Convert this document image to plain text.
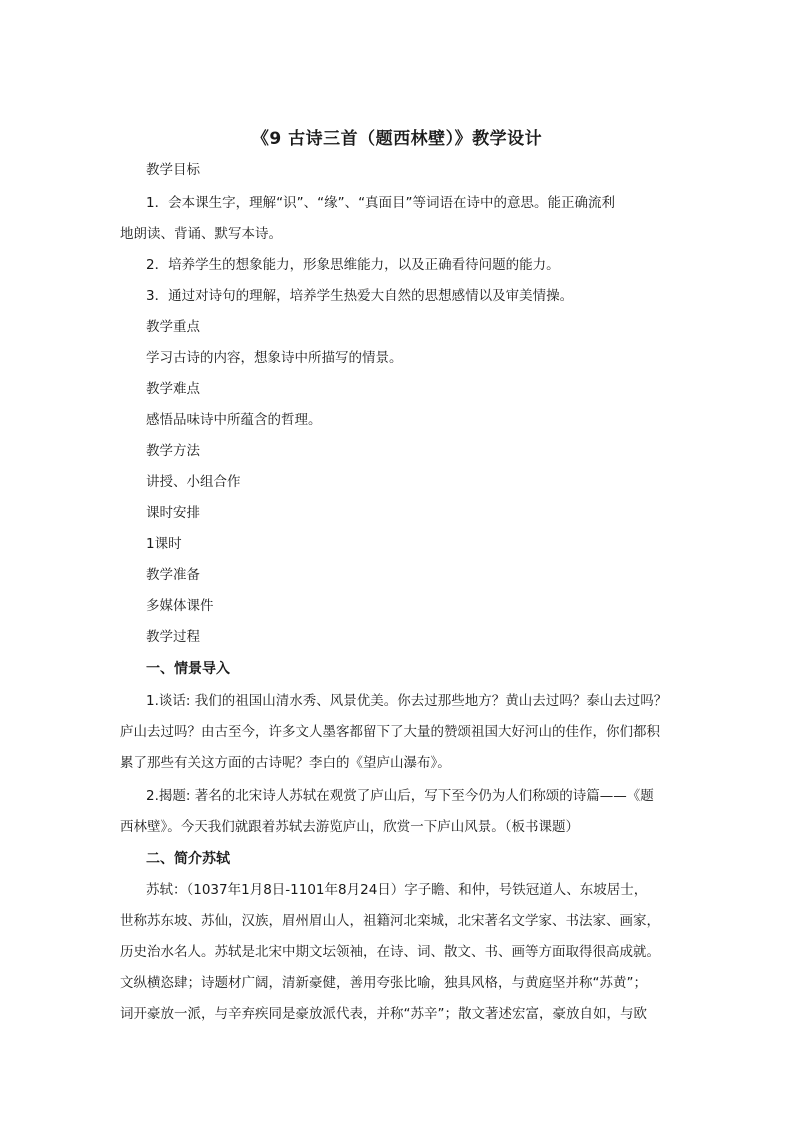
《9 古诗三首（题西林壁）》教学设计
教学目标
1．会本课生字，理解“识”、“缘”、“真面目”等词语在诗中的意思。能正确流利
地朗读、背诵、默写本诗。
2．培养学生的想象能力，形象思维能力，以及正确看待问题的能力。
3．通过对诗句的理解，培养学生热爱大自然的思想感情以及审美情操。
教学重点
学习古诗的内容，想象诗中所描写的情景。
教学难点
感悟品味诗中所蕴含的哲理。
教学方法
讲授、小组合作
课时安排
1课时
教学准备
多媒体课件
教学过程
一、情景导入
1.谈话: 我们的祖国山清水秀、风景优美。你去过那些地方？黄山去过吗？泰山去过吗？
庐山去过吗？由古至今，许多文人墨客都留下了大量的赞颂祖国大好河山的佳作，你们都积
累了那些有关这方面的古诗呢？李白的《望庐山瀑布》。
2.揭题: 著名的北宋诗人苏轼在观赏了庐山后，写下至今仍为人们称颂的诗篇——《题
西林壁》。今天我们就跟着苏轼去游览庐山，欣赏一下庐山风景。（板书课题）
二、简介苏轼
苏轼：（1037年1月8日-1101年8月24日）字子瞻、和仲，号铁冠道人、东坡居士，
世称苏东坡、苏仙，汉族，眉州眉山人，祖籍河北栾城，北宋著名文学家、书法家、画家，
历史治水名人。苏轼是北宋中期文坛领袖，在诗、词、散文、书、画等方面取得很高成就。
文纵横恣肆；诗题材广阔，清新豪健，善用夸张比喻，独具风格，与黄庭坚并称“苏黄”；
词开豪放一派，与辛弃疾同是豪放派代表，并称“苏辛”；散文著述宏富，豪放自如，与欧
